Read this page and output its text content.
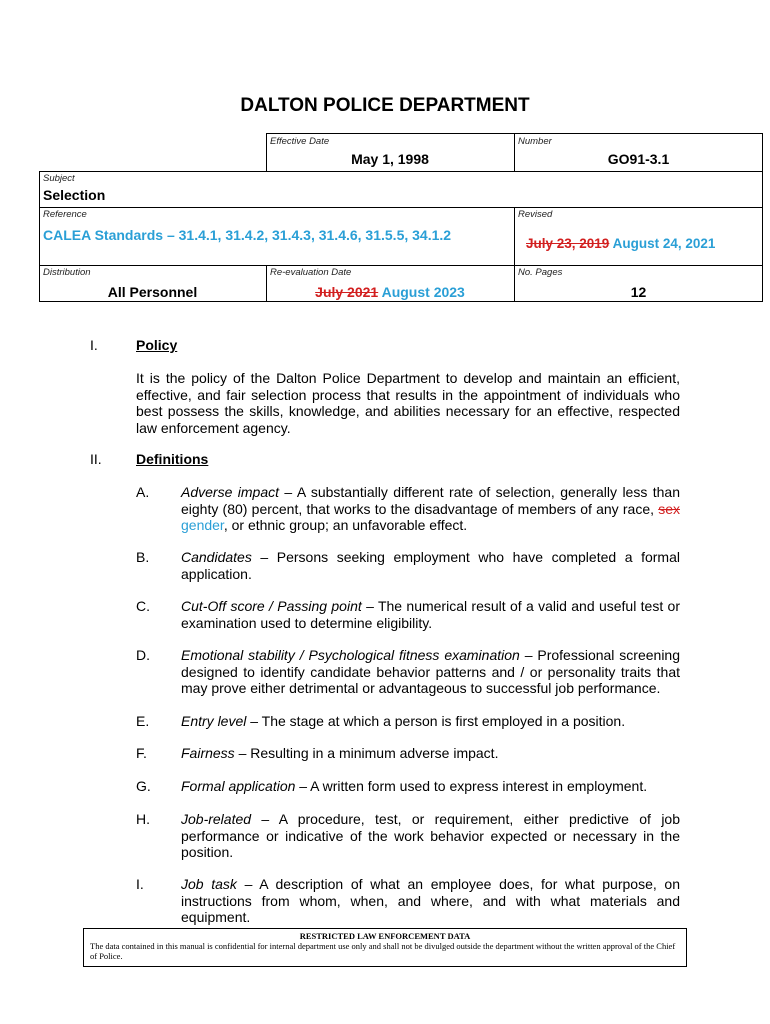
DALTON POLICE DEPARTMENT
Effective Date
May 1, 1998
Number
GO91-3.1
Subject
Selection
Reference
CALEA Standards – 31.4.1, 31.4.2, 31.4.3, 31.4.6, 31.5.5, 34.1.2
Revised
July 23, 2019 August 24, 2021
Distribution
All Personnel
Re-evaluation Date
July 2021 August 2023
No. Pages
12
I.	Policy
It is the policy of the Dalton Police Department to develop and maintain an efficient, effective, and fair selection process that results in the appointment of individuals who best possess the skills, knowledge, and abilities necessary for an effective, respected law enforcement agency.
II. Definitions
A. Adverse impact – A substantially different rate of selection, generally less than eighty (80) percent, that works to the disadvantage of members of any race, sex gender, or ethnic group; an unfavorable effect.
B. Candidates – Persons seeking employment who have completed a formal application.
C. Cut-Off score / Passing point – The numerical result of a valid and useful test or examination used to determine eligibility.
D. Emotional stability / Psychological fitness examination – Professional screening designed to identify candidate behavior patterns and / or personality traits that may prove either detrimental or advantageous to successful job performance.
E. Entry level – The stage at which a person is first employed in a position.
F. Fairness – Resulting in a minimum adverse impact.
G. Formal application – A written form used to express interest in employment.
H. Job-related – A procedure, test, or requirement, either predictive of job performance or indicative of the work behavior expected or necessary in the position.
I.	Job task – A description of what an employee does, for what purpose, on instructions from whom, when, and where, and with what materials and equipment.
RESTRICTED LAW ENFORCEMENT DATA
The data contained in this manual is confidential for internal department use only and shall not be divulged outside the department without the written approval of the Chief of Police.
